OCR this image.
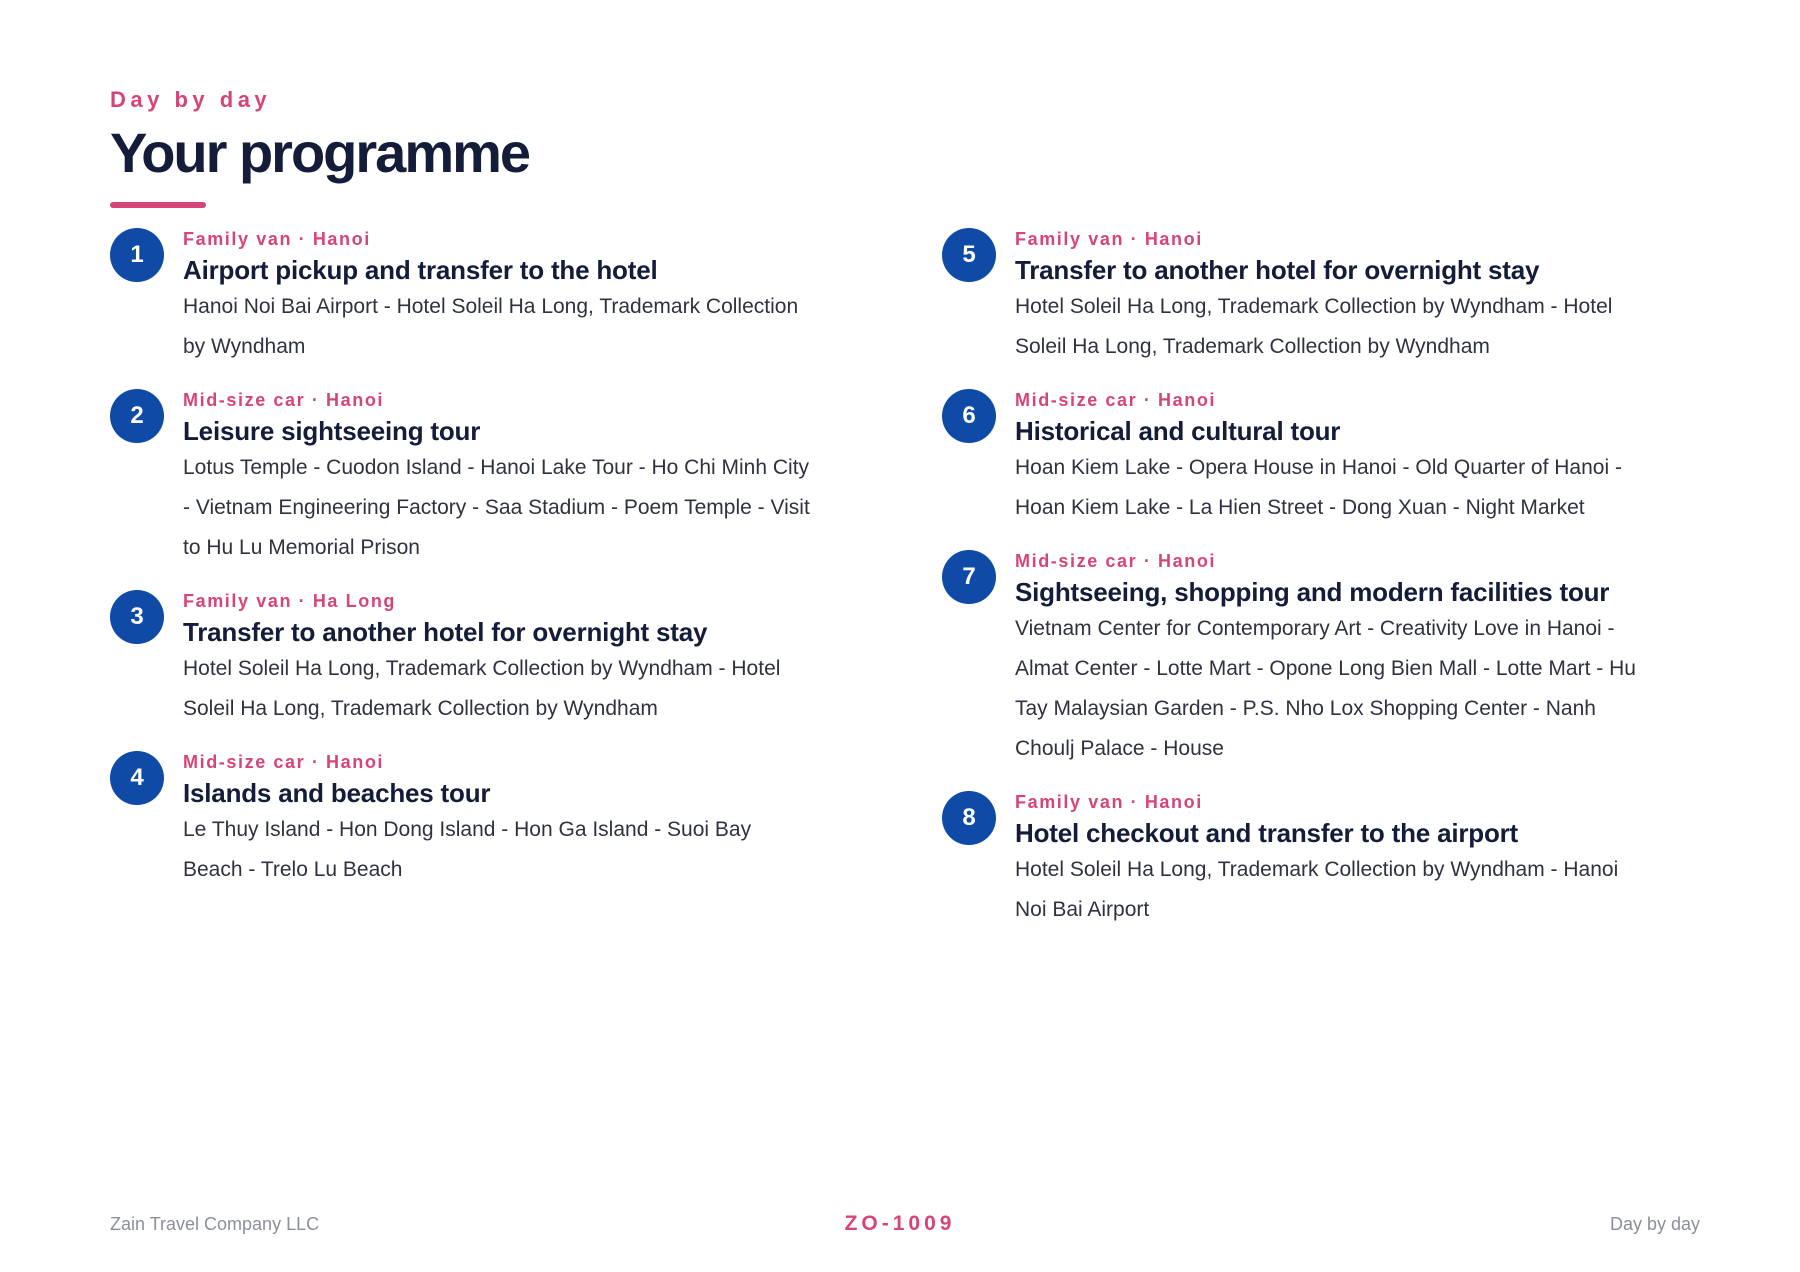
Day by day
Your programme
1
Family van · Hanoi
Airport pickup and transfer to the hotel
Hanoi Noi Bai Airport - Hotel Soleil Ha Long, Trademark Collection by Wyndham
2
Mid-size car · Hanoi
Leisure sightseeing tour
Lotus Temple - Cuodon Island - Hanoi Lake Tour - Ho Chi Minh City - Vietnam Engineering Factory - Saa Stadium - Poem Temple - Visit to Hu Lu Memorial Prison
3
Family van · Ha Long
Transfer to another hotel for overnight stay
Hotel Soleil Ha Long, Trademark Collection by Wyndham - Hotel Soleil Ha Long, Trademark Collection by Wyndham
4
Mid-size car · Hanoi
Islands and beaches tour
Le Thuy Island - Hon Dong Island - Hon Ga Island - Suoi Bay Beach - Trelo Lu Beach
5
Family van · Hanoi
Transfer to another hotel for overnight stay
Hotel Soleil Ha Long, Trademark Collection by Wyndham - Hotel Soleil Ha Long, Trademark Collection by Wyndham
6
Mid-size car · Hanoi
Historical and cultural tour
Hoan Kiem Lake - Opera House in Hanoi - Old Quarter of Hanoi - Hoan Kiem Lake - La Hien Street - Dong Xuan - Night Market
7
Mid-size car · Hanoi
Sightseeing, shopping and modern facilities tour
Vietnam Center for Contemporary Art - Creativity Love in Hanoi - Almat Center - Lotte Mart - Opone Long Bien Mall - Lotte Mart - Hu Tay Malaysian Garden - P.S. Nho Lox Shopping Center - Nanh Choulj Palace - House
8
Family van · Hanoi
Hotel checkout and transfer to the airport
Hotel Soleil Ha Long, Trademark Collection by Wyndham - Hanoi Noi Bai Airport
Zain Travel Company LLC	ZO-1009	Day by day
